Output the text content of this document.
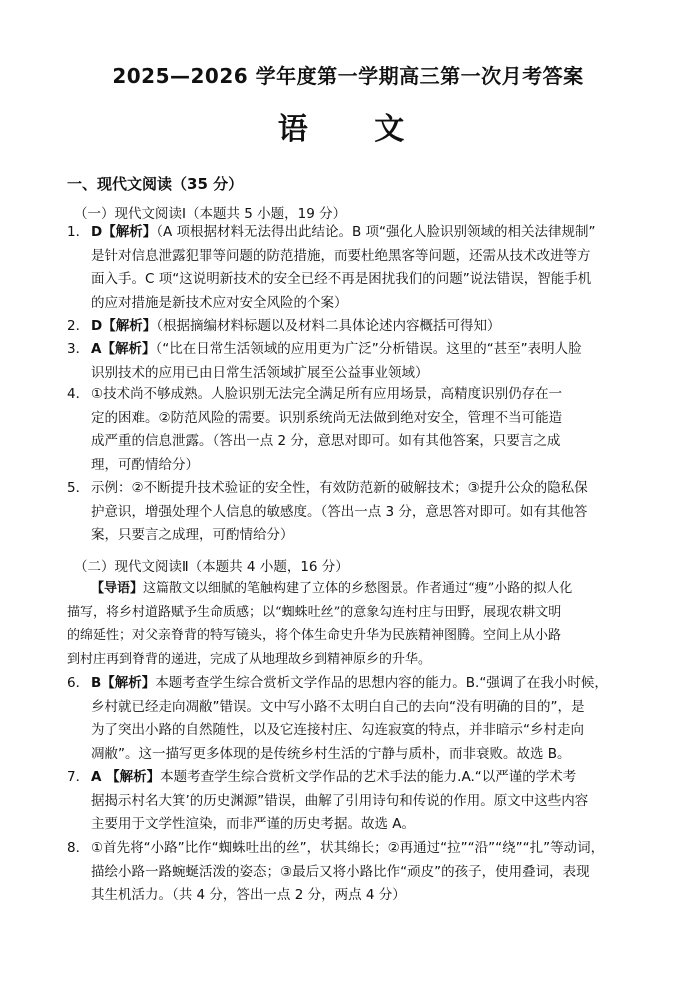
2025—2026 学年度第一学期高三第一次月考答案
语 文
一、现代文阅读（35 分）
（一）现代文阅读Ⅰ（本题共 5 小题，19 分）
1． D【解析】（A 项根据材料无法得出此结论。B 项“强化人脸识别领域的相关法律规制”
是针对信息泄露犯罪等问题的防范措施，而要杜绝黑客等问题，还需从技术改进等方
面入手。C 项“这说明新技术的安全已经不再是困扰我们的问题”说法错误，智能手机
的应对措施是新技术应对安全风险的个案）
2． D【解析】（根据摘编材料标题以及材料二具体论述内容概括可得知）
3． A【解析】（“比在日常生活领域的应用更为广泛”分析错误。这里的“甚至”表明人脸
识别技术的应用已由日常生活领域扩展至公益事业领域）
4． ①技术尚不够成熟。人脸识别无法完全满足所有应用场景，高精度识别仍存在一
定的困难。②防范风险的需要。识别系统尚无法做到绝对安全，管理不当可能造
成严重的信息泄露。（答出一点 2 分，意思对即可。如有其他答案，只要言之成
理，可酌情给分）
5． 示例：②不断提升技术验证的安全性，有效防范新的破解技术；③提升公众的隐私保
护意识，增强处理个人信息的敏感度。（答出一点 3 分，意思答对即可。如有其他答
案，只要言之成理，可酌情给分）
（二）现代文阅读Ⅱ（本题共 4 小题，16 分）
【导语】这篇散文以细腻的笔触构建了立体的乡愁图景。作者通过“瘦”小路的拟人化
描写，将乡村道路赋予生命质感；以“蜘蛛吐丝”的意象勾连村庄与田野，展现农耕文明
的绵延性；对父亲脊背的特写镜头，将个体生命史升华为民族精神图腾。空间上从小路
到村庄再到脊背的递进，完成了从地理故乡到精神原乡的升华。
6． B【解析】本题考查学生综合赏析文学作品的思想内容的能力。B.“强调了在我小时候，
乡村就已经走向凋敝”错误。文中写小路不太明白自己的去向“没有明确的目的”，是
为了突出小路的自然随性，以及它连接村庄、勾连寂寞的特点，并非暗示“乡村走向
凋敝”。这一描写更多体现的是传统乡村生活的宁静与质朴，而非衰败。故选 B。
7． A 【解析】本题考查学生综合赏析文学作品的艺术手法的能力.A.“以严谨的学术考
据揭示村名大箕’的历史渊源”错误，曲解了引用诗句和传说的作用。原文中这些内容
主要用于文学性渲染，而非严谨的历史考据。故选 A。
8． ①首先将“小路”比作“蜘蛛吐出的丝”，状其绵长；②再通过“拉”“沿”“绕”“扎”等动词，
描绘小路一路蜿蜒活泼的姿态；③最后又将小路比作“顽皮”的孩子，使用叠词，表现
其生机活力。（共 4 分，答出一点 2 分，两点 4 分）
